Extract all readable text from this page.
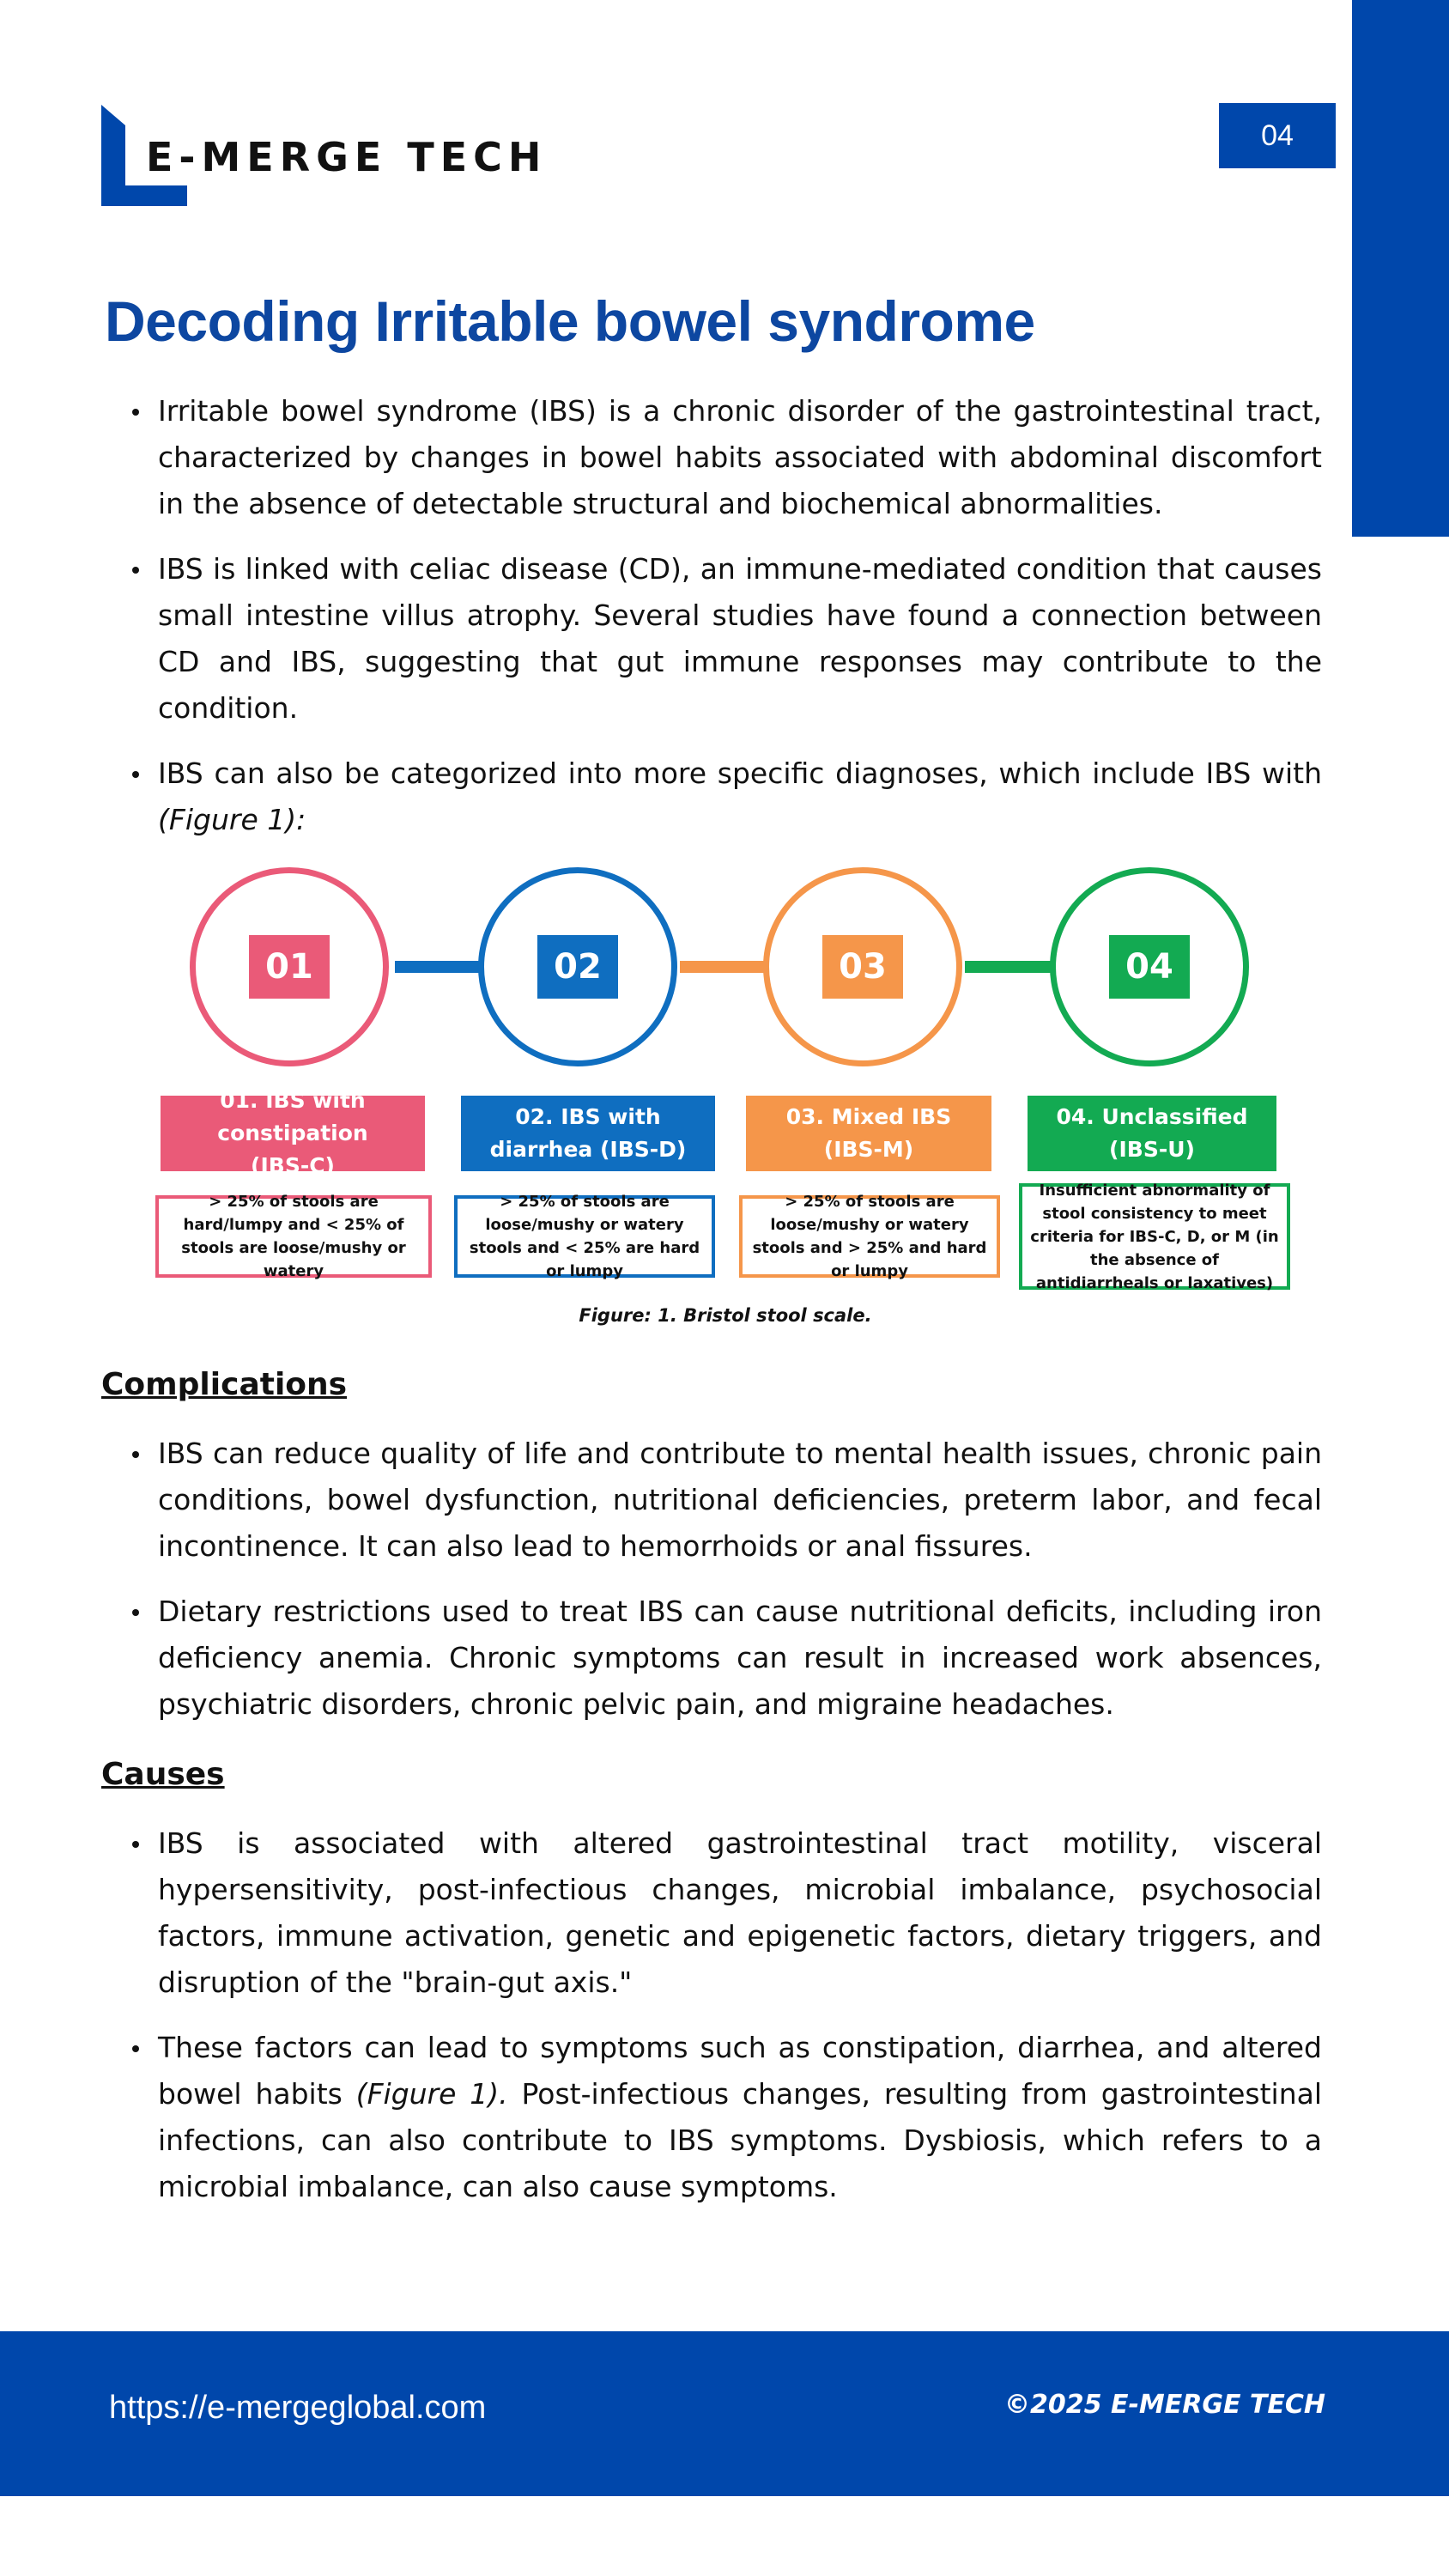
E-MERGE TECH	04
Decoding Irritable bowel syndrome
Irritable bowel syndrome (IBS) is a chronic disorder of the gastrointestinal tract, characterized by changes in bowel habits associated with abdominal discomfort in the absence of detectable structural and biochemical abnormalities.
IBS is linked with celiac disease (CD), an immune-mediated condition that causes small intestine villus atrophy. Several studies have found a connection between CD and IBS, suggesting that gut immune responses may contribute to the condition.
IBS can also be categorized into more specific diagnoses, which include IBS with (Figure 1):
01	02	03	04
01. IBS with constipation (IBS-C)
02. IBS with diarrhea (IBS-D)
03. Mixed IBS (IBS-M)
04. Unclassified (IBS-U)
> 25% of stools are hard/lumpy and < 25% of stools are loose/mushy or watery
> 25% of stools are loose/mushy or watery stools and < 25% are hard or lumpy
> 25% of stools are loose/mushy or watery stools and > 25% and hard or lumpy
Insufficient abnormality of stool consistency to meet criteria for IBS-C, D, or M (in the absence of antidiarrheals or laxatives)
Figure: 1. Bristol stool scale.
Complications
IBS can reduce quality of life and contribute to mental health issues, chronic pain conditions, bowel dysfunction, nutritional deficiencies, preterm labor, and fecal incontinence. It can also lead to hemorrhoids or anal fissures.
Dietary restrictions used to treat IBS can cause nutritional deficits, including iron deficiency anemia. Chronic symptoms can result in increased work absences, psychiatric disorders, chronic pelvic pain, and migraine headaches.
Causes
IBS is associated with altered gastrointestinal tract motility, visceral hypersensitivity, post-infectious changes, microbial imbalance, psychosocial factors, immune activation, genetic and epigenetic factors, dietary triggers, and disruption of the "brain-gut axis."
These factors can lead to symptoms such as constipation, diarrhea, and altered bowel habits (Figure 1). Post-infectious changes, resulting from gastrointestinal infections, can also contribute to IBS symptoms. Dysbiosis, which refers to a microbial imbalance, can also cause symptoms.
https://e-mergeglobal.com	©2025 E-MERGE TECH
